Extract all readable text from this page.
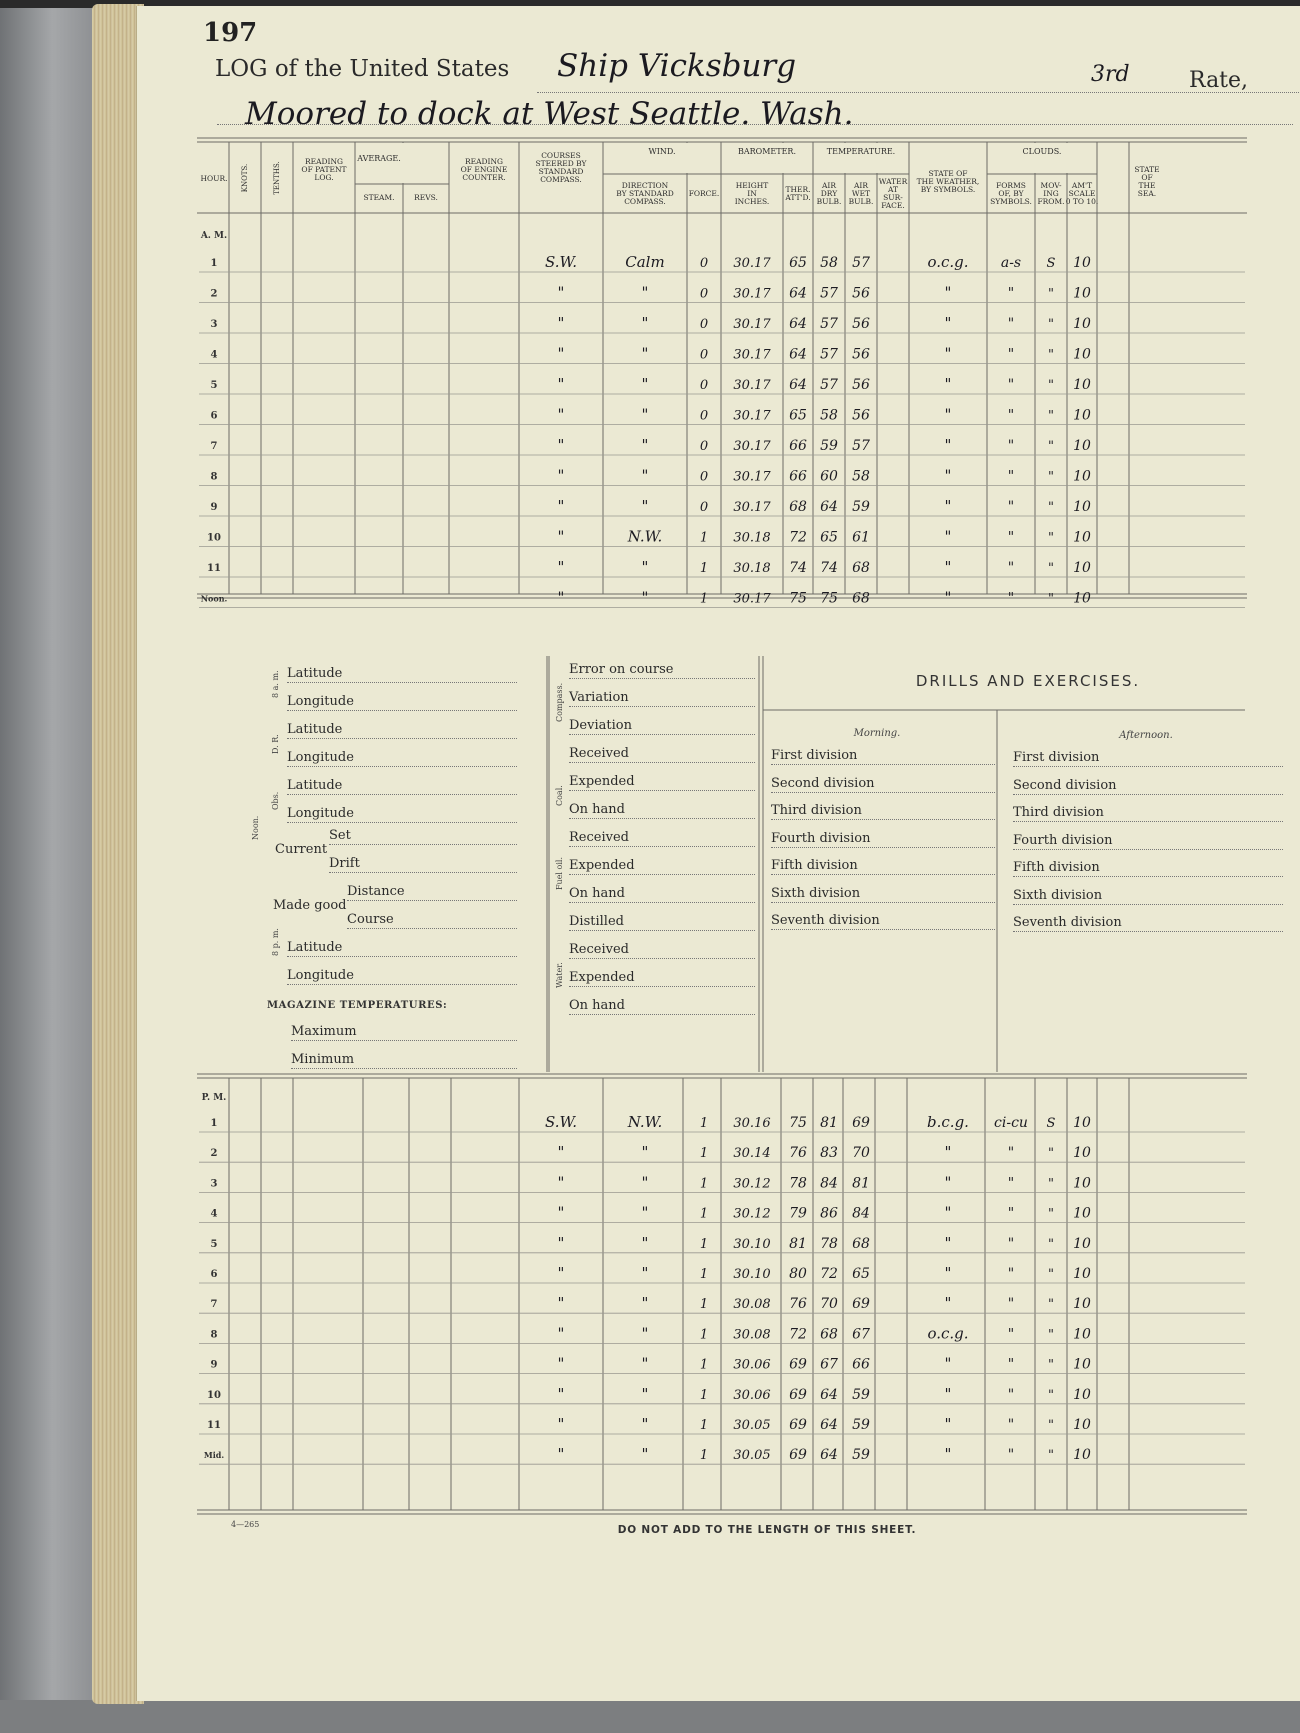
197
LOG of the United States Ship Vicksburg	3rd	Rate,
Moored to dock at West Seattle. Wash.
HOUR. KNOTS.	TENTHS.	READING OF PATENT LOG.
AVERAGE.
STEAM.	REVS.
READING OF ENGINE COUNTER.
COURSES STEERED BY STANDARD COMPASS.
WIND.
DIRECTION BY STANDARD COMPASS.
FORCE.
BAROMETER.
HEIGHT IN INCHES.
THER. ATT'D.
TEMPERATURE.
AIR DRY BULB.
AIR WET BULB.
WATER AT SUR-FACE.
STATE OF THE WEATHER, BY SYMBOLS.
CLOUDS.
FORMS OF, BY SYMBOLS.
MOV-ING FROM.
AM'T SCALE 0 TO 10.
STATE OF THE SEA.
A. M.
1	S.W.	Calm	0 30.17 65 58 57	o.c.g. a-s S 10
2	"	"	0 30.17 64 57 56	"	"	" 10
3	"	"	0 30.17 64 57 56	"	"	" 10
4	"	"	0 30.17 64 57 56	"	"	" 10
5	"	"	0 30.17 64 57 56	"	"	" 10
6	"	"	0 30.17 65 58 56	"	"	" 10
7	"	"	0 30.17 66 59 57	"	"	" 10
8	"	"	0 30.17 66 60 58	"	"	" 10
9	"	"	0 30.17 68 64 59	"	"	" 10
10	"	N.W.	1 30.18 72 65 61	"	"	" 10
11	"	"	1 30.18 74 74 68	"	"	" 10
Noon.	"	"	1 30.17 75 75 68	"	"	" 10
P. M.
1	S.W.	N.W.	1 30.16 75 81 69	b.c.g. ci-cu S 10
2	"	"	1 30.14 76 83 70	"	"	" 10
3	"	"	1 30.12 78 84 81	"	"	" 10
4	"	"	1 30.12 79 86 84	"	"	" 10
5	"	"	1 30.10 81 78 68	"	"	" 10
6	"	"	1 30.10 80 72 65	"	"	" 10
7	"	"	1 30.08 76 70 69	"	"	" 10
8	"	"	1 30.08 72 68 67	o.c.g.	"	" 10
9	"	"	1 30.06 69 67 66	"	"	" 10
10	"	"	1 30.06 69 64 59	"	"	" 10
11	"	"	1 30.05 69 64 59	"	"	" 10
Mid.	"	"	1 30.05 69 64 59	"	"	" 10
8 a. m. Latitude
Longitude
D. R.
Latitude
Longitude
Obs.
Latitude
Longitude
Noon.
Current
Set
Drift
Made good
Distance
Course
8 p. m. Latitude
Longitude
MAGAZINE TEMPERATURES:
Maximum
Minimum
Compass.
Error on course
Variation
Deviation
Coal.
Received
Expended
On hand
Fuel oil.
Received
Expended
On hand
Water.
Distilled
Received
Expended
On hand
DRILLS AND EXERCISES.
Morning.	Afternoon.
First division
Second division
Third division
Fourth division
Fifth division
Sixth division
Seventh division
First division
Second division
Third division
Fourth division
Fifth division
Sixth division
Seventh division
4—265	DO NOT ADD TO THE LENGTH OF THIS SHEET.
